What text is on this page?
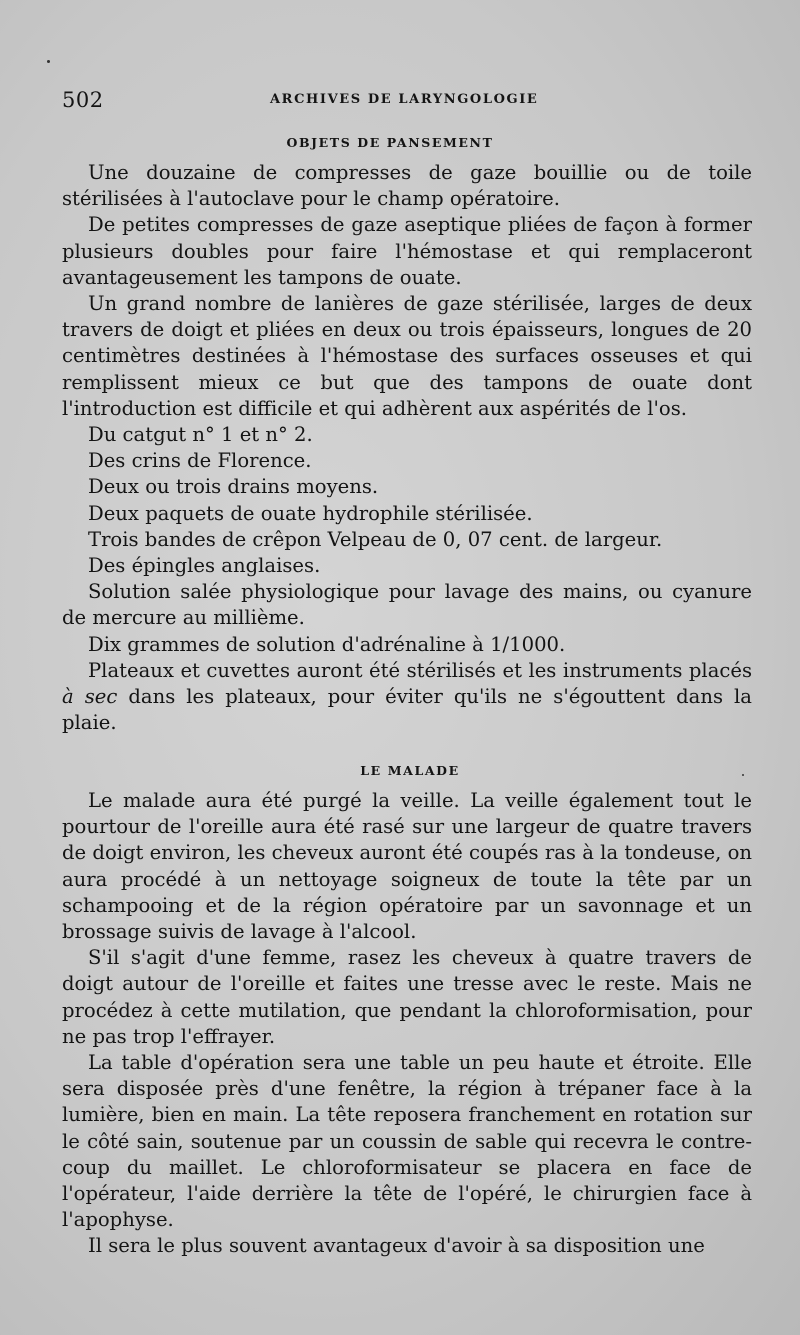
502	ARCHIVES DE LARYNGOLOGIE
OBJETS DE PANSEMENT

Une douzaine de compresses de gaze bouillie ou de toile stérilisées à l'autoclave pour le champ opératoire.

De petites compresses de gaze aseptique pliées de façon à former plusieurs doubles pour faire l'hémostase et qui remplaceront avantageusement les tampons de ouate.

Un grand nombre de lanières de gaze stérilisée, larges de deux travers de doigt et pliées en deux ou trois épaisseurs, longues de 20 centimètres destinées à l'hémostase des surfaces osseuses et qui remplissent mieux ce but que des tampons de ouate dont l'introduction est difficile et qui adhèrent aux aspérités de l'os.

Du catgut n° 1 et n° 2.

Des crins de Florence.

Deux ou trois drains moyens.

Deux paquets de ouate hydrophile stérilisée.

Trois bandes de crêpon Velpeau de 0, 07 cent. de largeur.

Des épingles anglaises.

Solution salée physiologique pour lavage des mains, ou cyanure de mercure au millième.

Dix grammes de solution d'adrénaline à 1/1000.

Plateaux et cuvettes auront été stérilisés et les instruments placés à sec dans les plateaux, pour éviter qu'ils ne s'égouttent dans la plaie.

LE MALADE

Le malade aura été purgé la veille. La veille également tout le pourtour de l'oreille aura été rasé sur une largeur de quatre travers de doigt environ, les cheveux auront été coupés ras à la tondeuse, on aura procédé à un nettoyage soigneux de toute la tête par un schampooing et de la région opératoire par un savonnage et un brossage suivis de lavage à l'alcool.

S'il s'agit d'une femme, rasez les cheveux à quatre travers de doigt autour de l'oreille et faites une tresse avec le reste. Mais ne procédez à cette mutilation, que pendant la chloroformisation, pour ne pas trop l'effrayer.

La table d'opération sera une table un peu haute et étroite. Elle sera disposée près d'une fenêtre, la région à trépaner face à la lumière, bien en main. La tête reposera franchement en rotation sur le côté sain, soutenue par un coussin de sable qui recevra le contre-coup du maillet. Le chloroformisateur se placera en face de l'opérateur, l'aide derrière la tête de l'opéré, le chirurgien face à l'apophyse.

Il sera le plus souvent avantageux d'avoir à sa disposition une
